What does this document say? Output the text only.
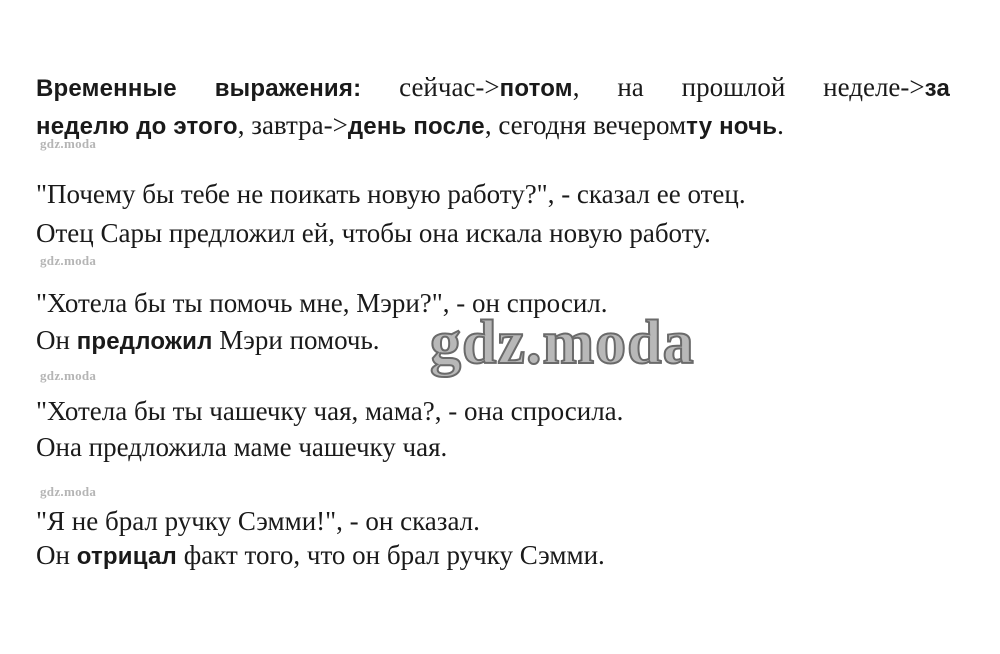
Временные выражения: сейчас->потом, на прошлой неделе->за
неделю до этого, завтра->день после, сегодня вечеромту ночь.
gdz.moda
"Почему бы тебе не поикать новую работу?", - сказал ее отец.
Отец Сары предложил ей, чтобы она искала новую работу.
gdz.moda
"Хотела бы ты помочь мне, Мэри?", - он спросил.
Он предложил Мэри помочь.
gdz.moda
"Хотела бы ты чашечку чая, мама?, - она спросила.
Она предложила маме чашечку чая.
gdz.moda
"Я не брал ручку Сэмми!", - он сказал.
Он отрицал факт того, что он брал ручку Сэмми.
gdz.moda
